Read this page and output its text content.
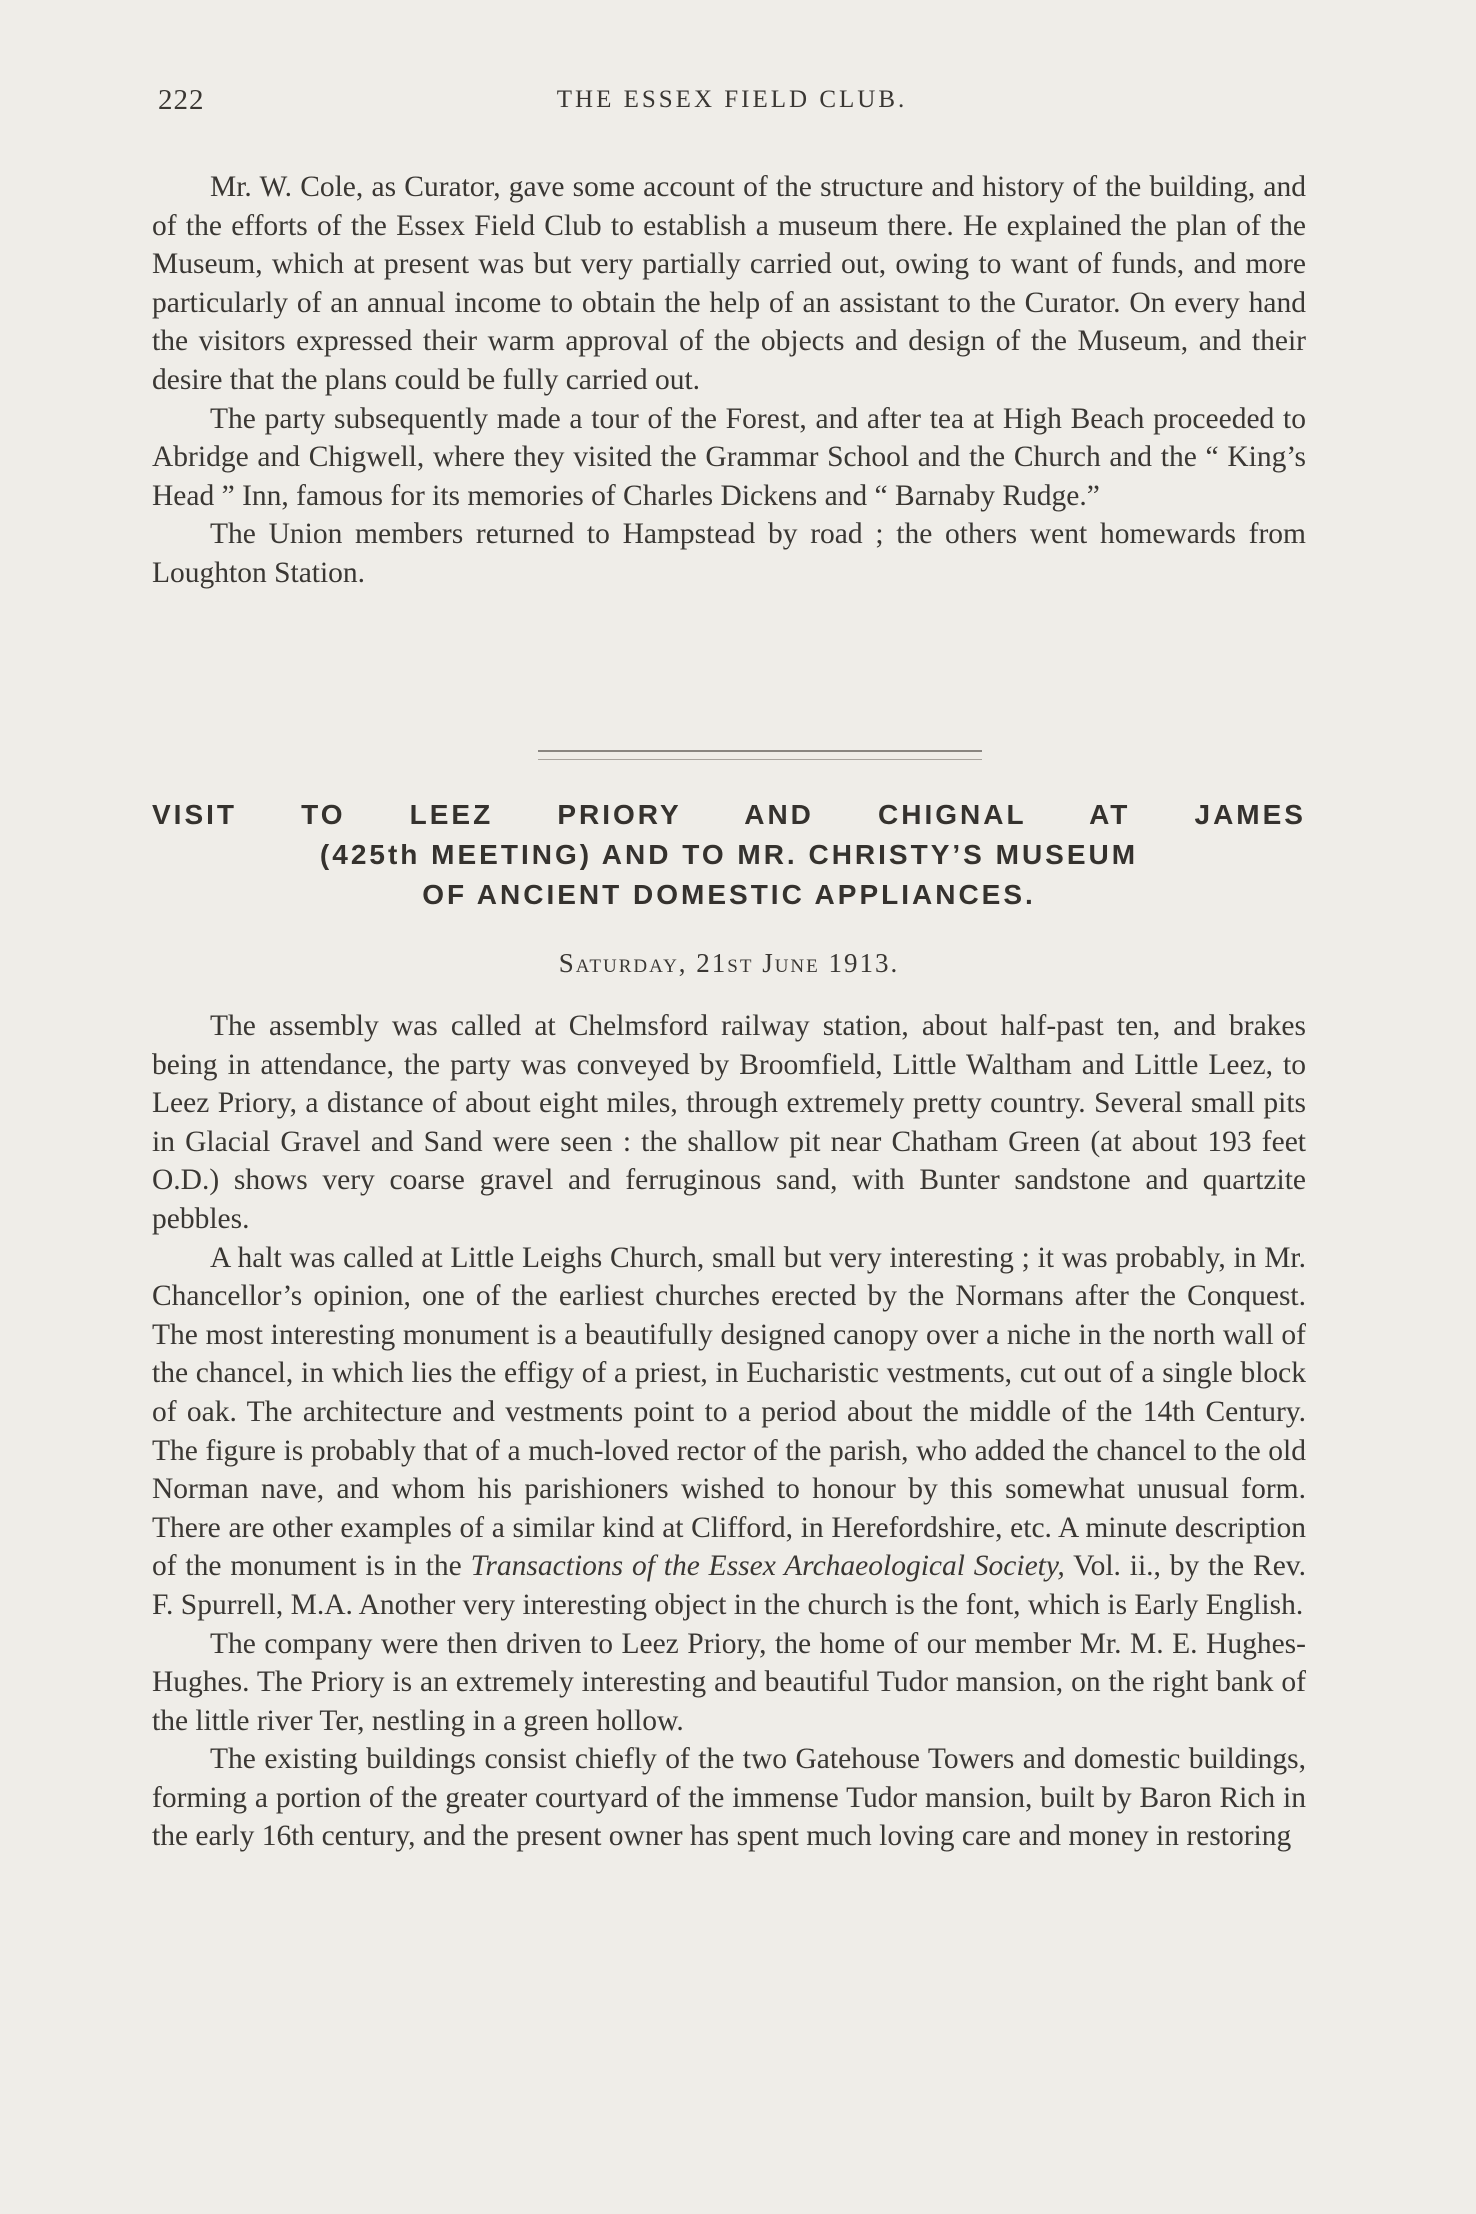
222	THE ESSEX FIELD CLUB.

Mr. W. Cole, as Curator, gave some account of the structure and history of the building, and of the efforts of the Essex Field Club to establish a museum there. He explained the plan of the Museum, which at present was but very partially carried out, owing to want of funds, and more particularly of an annual income to obtain the help of an assistant to the Curator. On every hand the visitors expressed their warm approval of the objects and design of the Museum, and their desire that the plans could be fully carried out.

The party subsequently made a tour of the Forest, and after tea at High Beach proceeded to Abridge and Chigwell, where they visited the Grammar School and the Church and the “ King’s Head ” Inn, famous for its memories of Charles Dickens and “ Barnaby Rudge.”

The Union members returned to Hampstead by road ; the others went homewards from Loughton Station.

VISIT TO LEEZ PRIORY AND CHIGNAL AT JAMES
(425th MEETING) AND TO MR. CHRISTY’S MUSEUM
OF ANCIENT DOMESTIC APPLIANCES.
Saturday, 21st June 1913.

The assembly was called at Chelmsford railway station, about half-past ten, and brakes being in attendance, the party was conveyed by Broomfield, Little Waltham and Little Leez, to Leez Priory, a distance of about eight miles, through extremely pretty country. Several small pits in Glacial Gravel and Sand were seen : the shallow pit near Chatham Green (at about 193 feet O.D.) shows very coarse gravel and ferruginous sand, with Bunter sandstone and quartzite pebbles.

A halt was called at Little Leighs Church, small but very interesting ; it was probably, in Mr. Chancellor’s opinion, one of the earliest churches erected by the Normans after the Conquest. The most interesting monument is a beautifully designed canopy over a niche in the north wall of the chancel, in which lies the effigy of a priest, in Eucharistic vestments, cut out of a single block of oak. The architecture and vestments point to a period about the middle of the 14th Century. The figure is probably that of a much-loved rector of the parish, who added the chancel to the old Norman nave, and whom his parishioners wished to honour by this somewhat unusual form. There are other examples of a similar kind at Clifford, in Herefordshire, etc. A minute description of the monument is in the Transactions of the Essex Archaeological Society, Vol. ii., by the Rev. F. Spurrell, M.A. Another very interesting object in the church is the font, which is Early English.

The company were then driven to Leez Priory, the home of our member Mr. M. E. Hughes-Hughes. The Priory is an extremely interesting and beautiful Tudor mansion, on the right bank of the little river Ter, nestling in a green hollow.

The existing buildings consist chiefly of the two Gatehouse Towers and domestic buildings, forming a portion of the greater courtyard of the immense Tudor mansion, built by Baron Rich in the early 16th century, and the present owner has spent much loving care and money in restoring
